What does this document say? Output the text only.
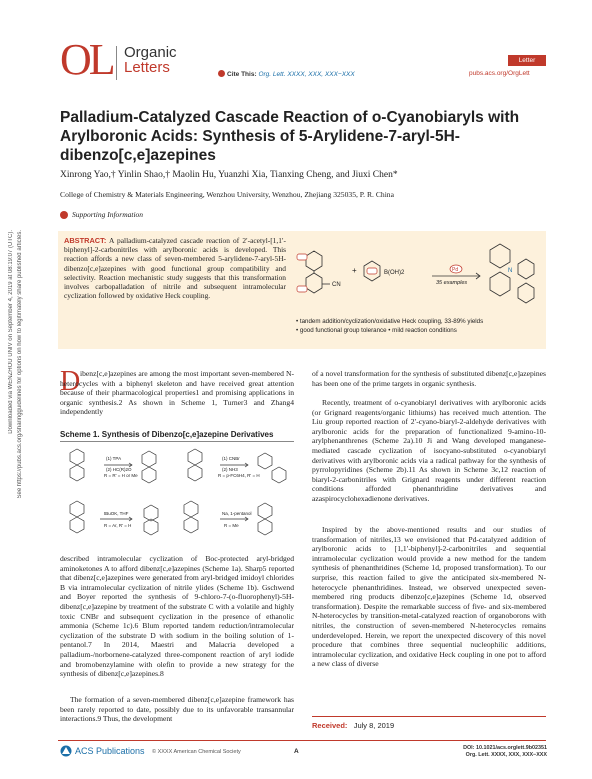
Downloaded via WENZHOU UNIV on September 4, 2019 at 08:19:07 (UTC). See https://pubs.acs.org/sharingguidelines for options on how to legitimately share published articles.
OL Organic
Letters	Cite This: Org. Lett. XXXX, XXX, XXX−XXX
Letter
pubs.acs.org/OrgLett
Palladium-Catalyzed Cascade Reaction of o-Cyanobiaryls with Arylboronic Acids: Synthesis of 5-Arylidene-7-aryl-5H-dibenzo[c,e]azepines
Xinrong Yao,† Yinlin Shao,† Maolin Hu, Yuanzhi Xia, Tianxing Cheng, and Jiuxi Chen*
College of Chemistry & Materials Engineering, Wenzhou University, Wenzhou, Zhejiang 325035, P. R. China
Supporting Information
ABSTRACT: A palladium-catalyzed cascade reaction of 2′-acetyl-[1,1′-biphenyl]-2-carbonitriles with arylboronic acids is developed. This reaction affords a new class of seven-membered 5-arylidene-7-aryl-5H-dibenzo[c,e]azepines with good functional group compatibility and selectivity. Reaction mechanistic study suggests that this transformation involves carbopalladation of nitrile and subsequent intramolecular cyclization followed by oxidative Heck coupling.
CN
+	B(OH)2	Pd
35 examples
N
• tandem addition/cyclization/oxidative Heck coupling, 33-89% yields
• good functional group tolerance • mild reaction conditions
D ibenz[c,e]azepines are among the most important seven-membered N-heterocycles with a biphenyl skeleton and have received great attention because of their pharmacological properties1 and promising applications in organic synthesis.2 As shown in Scheme 1, Turner3 and Zhang4 independently
Scheme 1. Synthesis of Dibenzo[c,e]azepine Derivatives
(1) TPA
(2) HC(R)2O
R = R' = H or Me
(1) CNBr
(2) NH3
R = p-FC6H4, R' = H
tBuOK, THF
R = Ar, R' = H
Na, 1-pentanol
R = Me
described intramolecular cyclization of Boc-protected aryl-bridged aminoketones A to afford dibenz[c,e]azepines (Scheme 1a). Sharp5 reported that dibenz[c,e]azepines were generated from aryl-bridged imidoyl chlorides B via intramolecular cyclization of nitrile ylides (Scheme 1b). Gschwend and Boyer reported the synthesis of 9-chloro-7-(o-fluorophenyl)-5H-dibenz[c,e]azepine by treatment of the substrate C with a volatile and highly toxic CNBr and subsequent cyclization in the presence of ethanolic ammonia (Scheme 1c).6 Blum reported tandem reduction/intramolecular cyclization of the substrate D with sodium in the boiling solution of 1-pentanol.7 In 2014, Maestri and Malacria developed a palladium-/norbornene-catalyzed three-component reaction of aryl iodide and bromobenzylamine with olefin to provide a new strategy for the synthesis of dibenz[c,e]azepines.8
The formation of a seven-membered dibenz[c,e]azepine framework has been rarely reported to date, possibly due to its unfavorable transannular interactions.9 Thus, the development
of a novel transformation for the synthesis of substituted dibenz[c,e]azepines has been one of the prime targets in organic synthesis.
Recently, treatment of o-cyanobiaryl derivatives with arylboronic acids (or Grignard reagents/organic lithiums) has received much attention. The Liu group reported reaction of 2′-cyano-biaryl-2-aldehyde derivatives with arylboronic acids for the preparation of functionalized 9-amino-10-arylphenanthrenes (Scheme 2a).10 Ji and Wang developed manganese-mediated cascade cyclization of isocyano-substituted o-cyanobiaryl derivatives with arylboronic acids via a radical pathway for the synthesis of pyrrolopyridines (Scheme 2b).11 As shown in Scheme 3c,12 reaction of biaryl-2-carbonitriles with Grignard reagents under different reaction conditions afforded phenanthridine derivatives and azaspirocyclohexadienone derivatives.
Inspired by the above-mentioned results and our studies of transformation of nitriles,13 we envisioned that Pd-catalyzed addition of arylboronic acids to [1,1′-biphenyl]-2-carbonitriles and sequential intramolecular cyclization would provide a new method for the tandem synthesis of phenanthridines (Scheme 1d, proposed transformation). To our surprise, this reaction failed to give the anticipated six-membered N-heterocycle phenanthridines. Instead, we observed unexpected seven-membered ring products dibenzo[c,e]azepines (Scheme 1d, observed transformation). Despite the remarkable success of five- and six-membered N-heterocycles by transition-metal-catalyzed reaction of organoborons with nitriles, the construction of seven-membered N-heterocycles remains underdeveloped. Herein, we report the unexpected discovery of this novel procedure that combines three sequential nucleophilic additions, intramolecular cyclization, and oxidative Heck coupling in one pot to afford a new class of diverse
Received: July 8, 2019
ACS Publications © XXXX American Chemical Society	A	DOI: 10.1021/acs.orglett.9b02351
Org. Lett. XXXX, XXX, XXX−XXX
